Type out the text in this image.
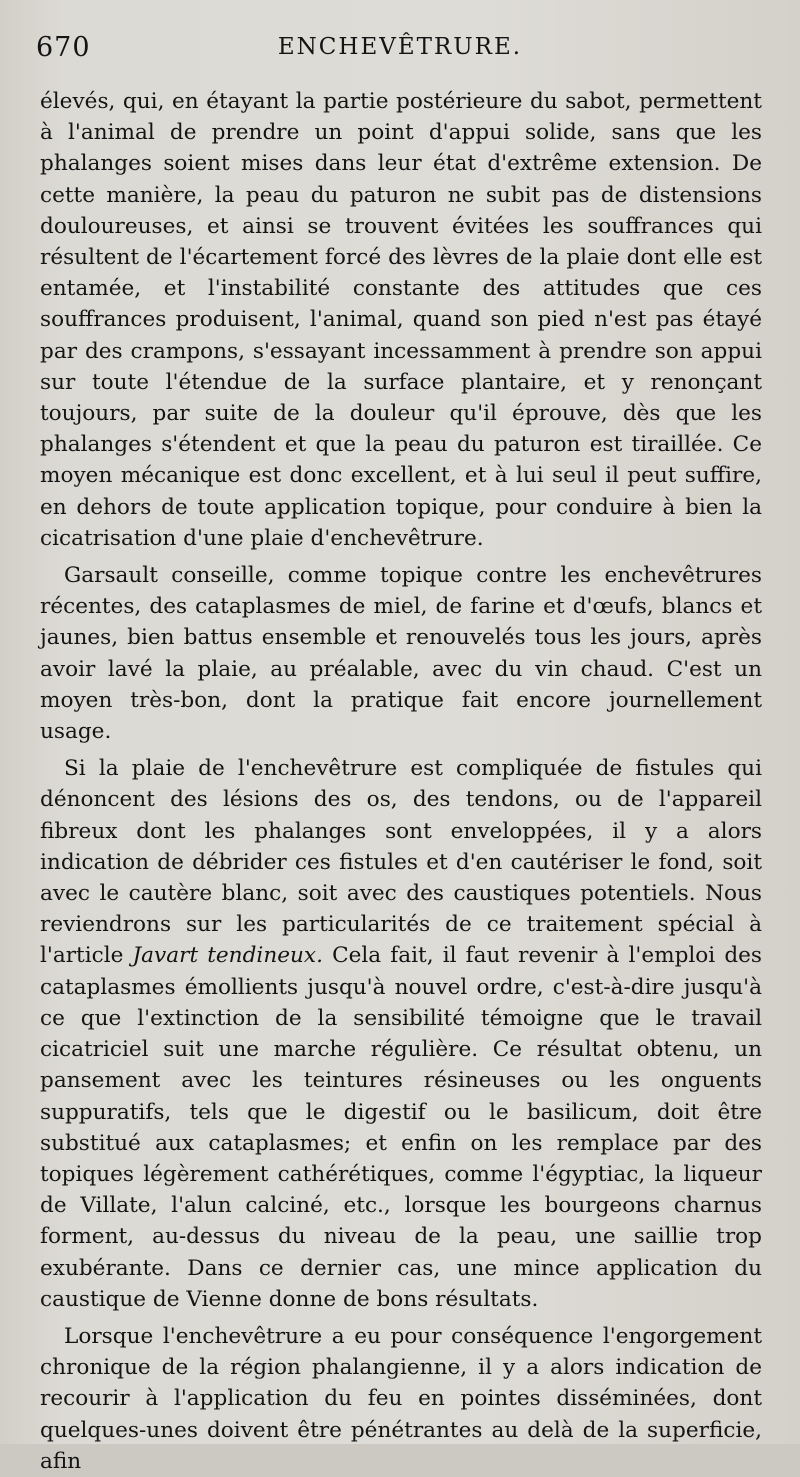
670	ENCHEVÊTRURE.

élevés, qui, en étayant la partie postérieure du sabot, permettent à l'animal de prendre un point d'appui solide, sans que les phalanges soient mises dans leur état d'extrême extension. De cette manière, la peau du paturon ne subit pas de distensions douloureuses, et ainsi se trouvent évitées les souffrances qui résultent de l'écartement forcé des lèvres de la plaie dont elle est entamée, et l'instabilité constante des attitudes que ces souffrances produisent, l'animal, quand son pied n'est pas étayé par des crampons, s'essayant incessamment à prendre son appui sur toute l'étendue de la surface plantaire, et y renonçant toujours, par suite de la douleur qu'il éprouve, dès que les phalanges s'étendent et que la peau du paturon est tiraillée. Ce moyen mécanique est donc excellent, et à lui seul il peut suffire, en dehors de toute application topique, pour conduire à bien la cicatrisation d'une plaie d'enchevêtrure.

Garsault conseille, comme topique contre les enchevêtrures récentes, des cataplasmes de miel, de farine et d'œufs, blancs et jaunes, bien battus ensemble et renouvelés tous les jours, après avoir lavé la plaie, au préalable, avec du vin chaud. C'est un moyen très-bon, dont la pratique fait encore journellement usage.

Si la plaie de l'enchevêtrure est compliquée de fistules qui dénoncent des lésions des os, des tendons, ou de l'appareil fibreux dont les phalanges sont enveloppées, il y a alors indication de débrider ces fistules et d'en cautériser le fond, soit avec le cautère blanc, soit avec des caustiques potentiels. Nous reviendrons sur les particularités de ce traitement spécial à l'article Javart tendineux. Cela fait, il faut revenir à l'emploi des cataplasmes émollients jusqu'à nouvel ordre, c'est-à-dire jusqu'à ce que l'extinction de la sensibilité témoigne que le travail cicatriciel suit une marche régulière. Ce résultat obtenu, un pansement avec les teintures résineuses ou les onguents suppuratifs, tels que le digestif ou le basilicum, doit être substitué aux cataplasmes; et enfin on les remplace par des topiques légèrement cathérétiques, comme l'égyptiac, la liqueur de Villate, l'alun calciné, etc., lorsque les bourgeons charnus forment, au-dessus du niveau de la peau, une saillie trop exubérante. Dans ce dernier cas, une mince application du caustique de Vienne donne de bons résultats.

Lorsque l'enchevêtrure a eu pour conséquence l'engorgement chronique de la région phalangienne, il y a alors indication de recourir à l'application du feu en pointes disséminées, dont quelques-unes doivent être pénétrantes au delà de la superficie, afin
